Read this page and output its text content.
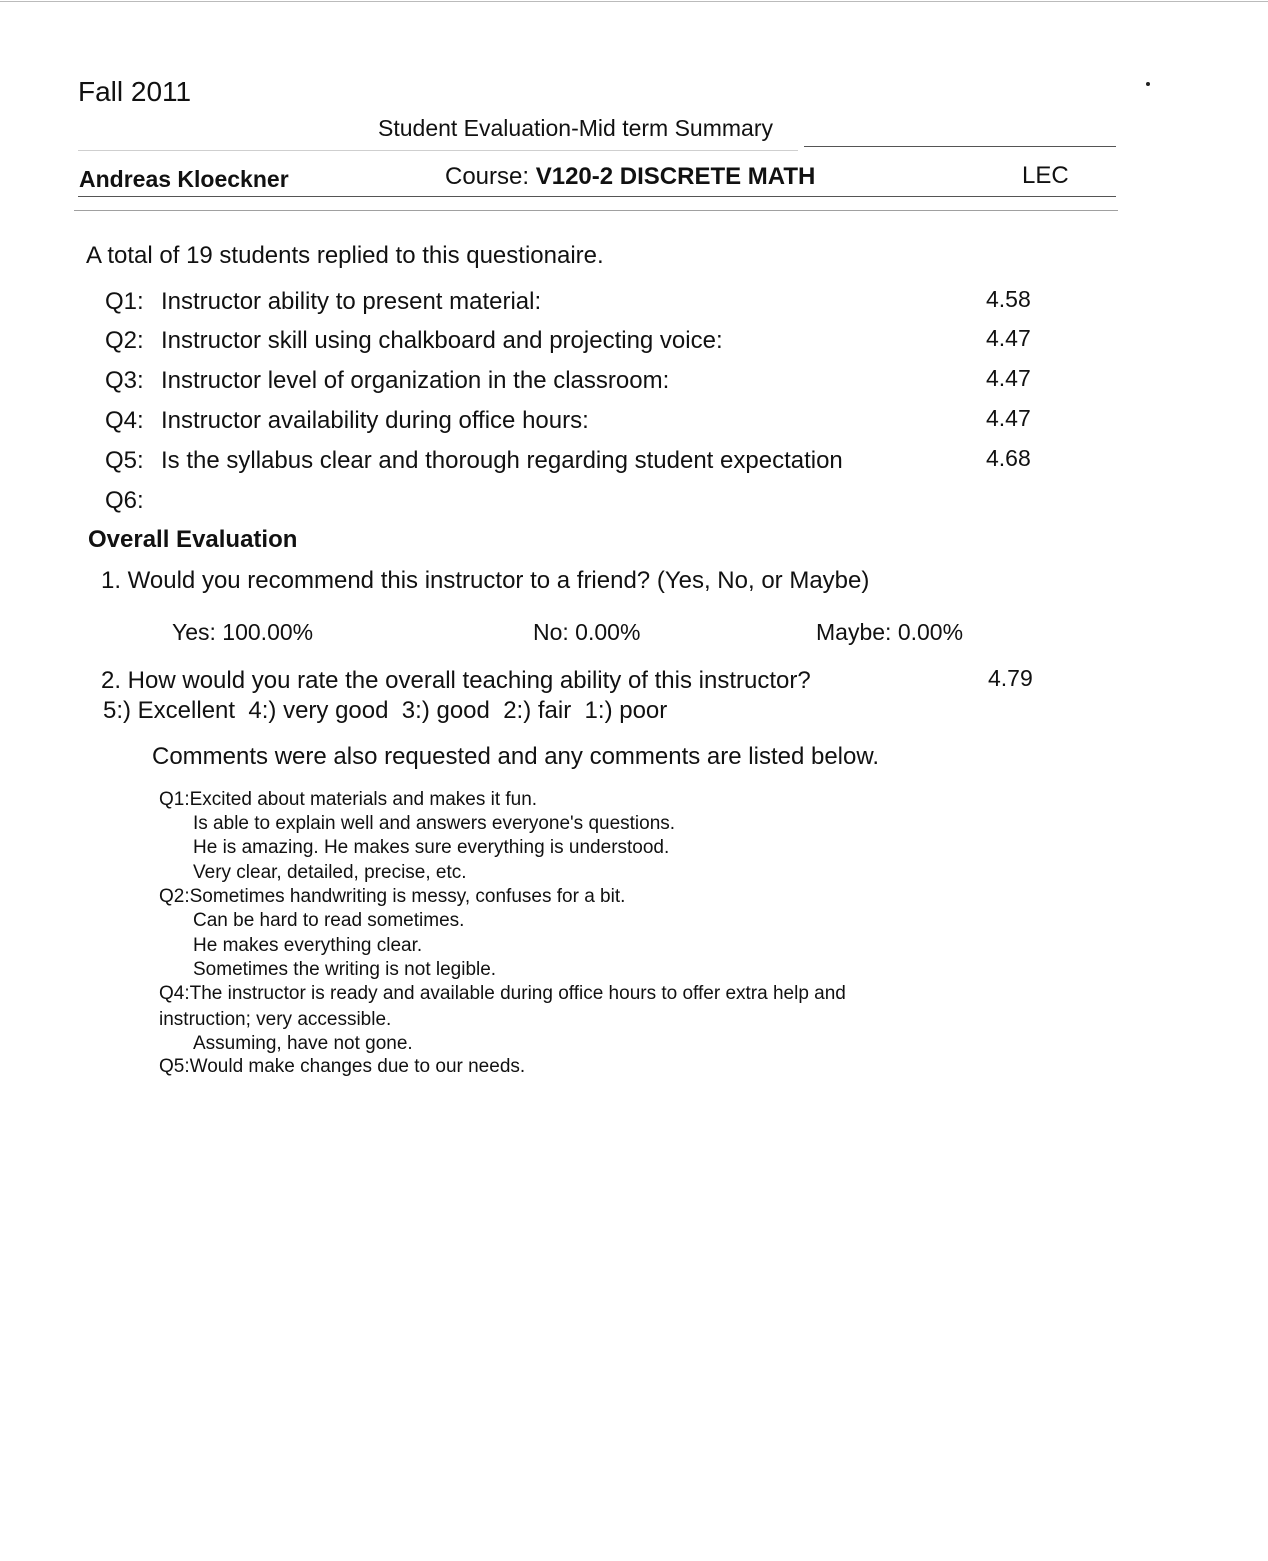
Fall 2011
Student Evaluation-Mid term Summary
Andreas Kloeckner	Course: V120-2 DISCRETE MATH	LEC
A total of 19 students replied to this questionaire.
Q1: Instructor ability to present material:	4.58
Q2: Instructor skill using chalkboard and projecting voice:	4.47
Q3: Instructor level of organization in the classroom:	4.47
Q4: Instructor availability during office hours:	4.47
Q5: Is the syllabus clear and thorough regarding student expectation	4.68
Q6:
Overall Evaluation
1. Would you recommend this instructor to a friend? (Yes, No, or Maybe)
Yes: 100.00%	No: 0.00%	Maybe: 0.00%
2. How would you rate the overall teaching ability of this instructor?	4.79
5:) Excellent  4:) very good  3:) good  2:) fair  1:) poor
Comments were also requested and any comments are listed below.
Q1:Excited about materials and makes it fun.
Is able to explain well and answers everyone's questions.
He is amazing. He makes sure everything is understood.
Very clear, detailed, precise, etc.
Q2:Sometimes handwriting is messy, confuses for a bit.
Can be hard to read sometimes.
He makes everything clear.
Sometimes the writing is not legible.
Q4:The instructor is ready and available during office hours to offer extra help and
instruction; very accessible.
Assuming, have not gone.
Q5:Would make changes due to our needs.
